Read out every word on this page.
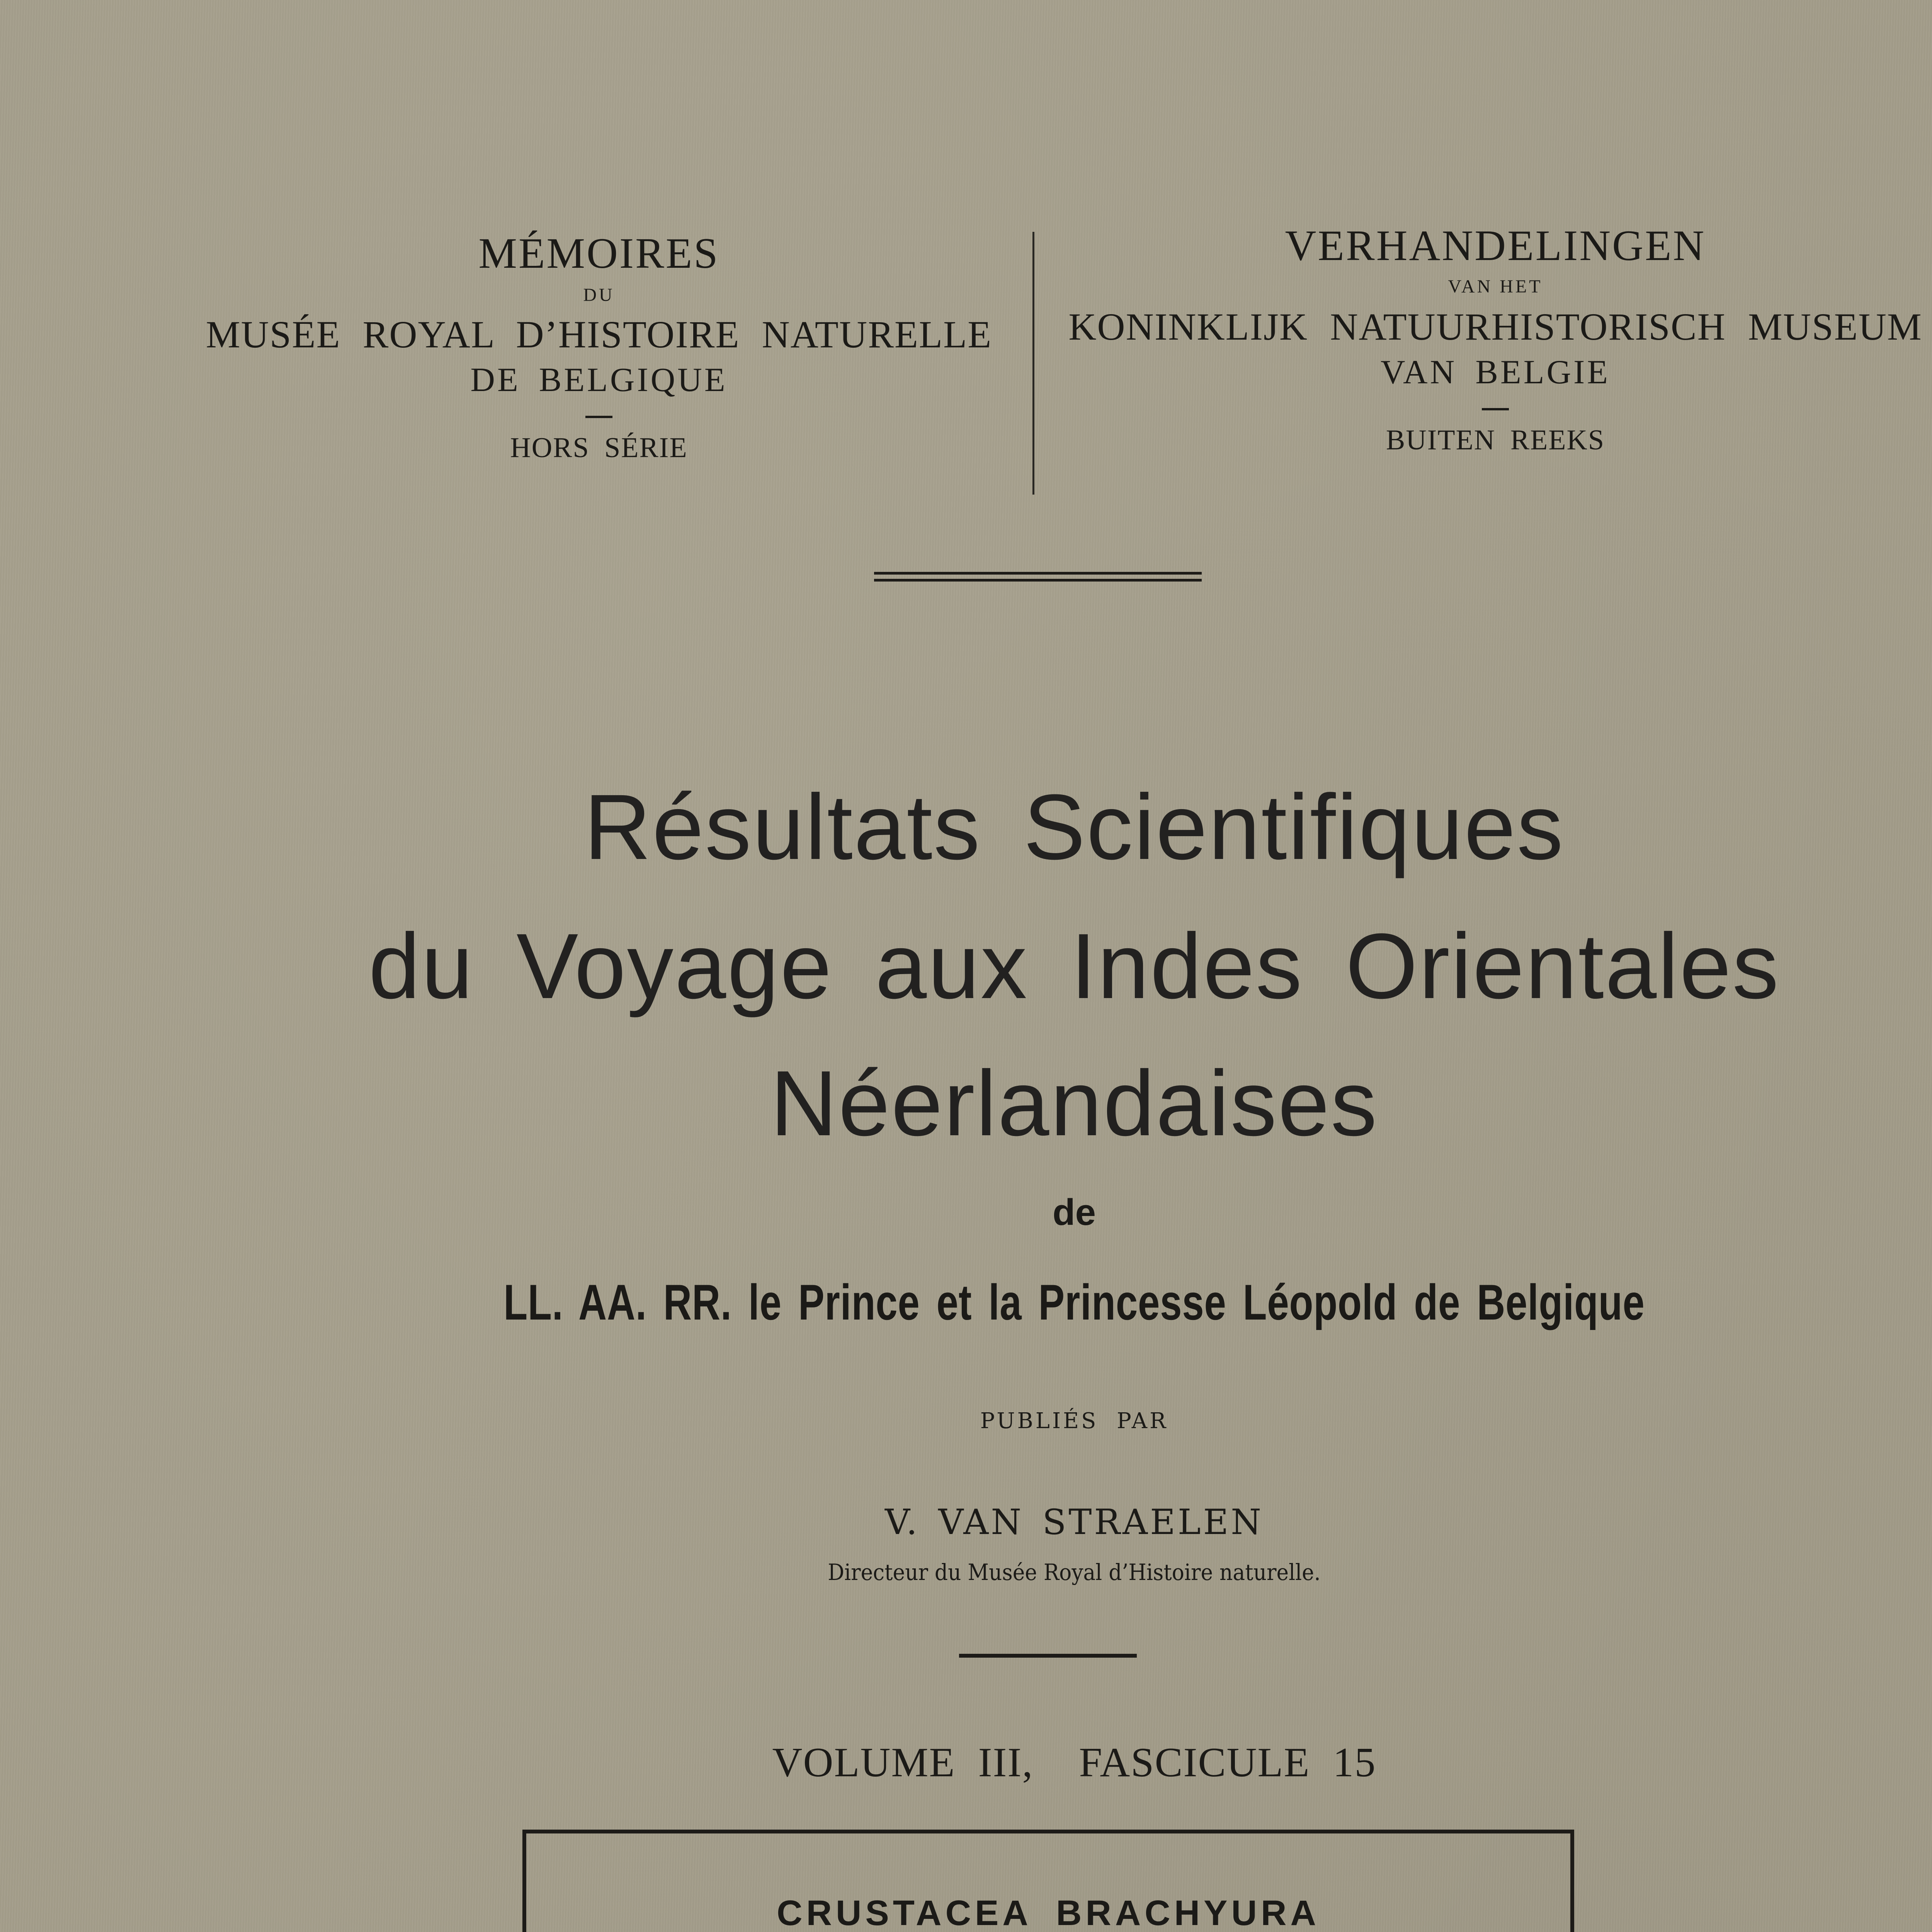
MÉMOIRES
DU
MUSÉE ROYAL D’HISTOIRE NATURELLE
DE BELGIQUE
HORS SÉRIE
VERHANDELINGEN
VAN HET
KONINKLIJK NATUURHISTORISCH MUSEUM
VAN BELGIE
BUITEN REEKS
Résultats Scientifiques
du Voyage aux Indes Orientales
Néerlandaises
de
LL. AA. RR. le Prince et la Princesse Léopold de Belgique
PUBLIÉS PAR
V. VAN STRAELEN
Directeur du Musée Royal d’Histoire naturelle.
VOLUME III,  FASCICULE 15
CRUSTACEA BRACHYURA
